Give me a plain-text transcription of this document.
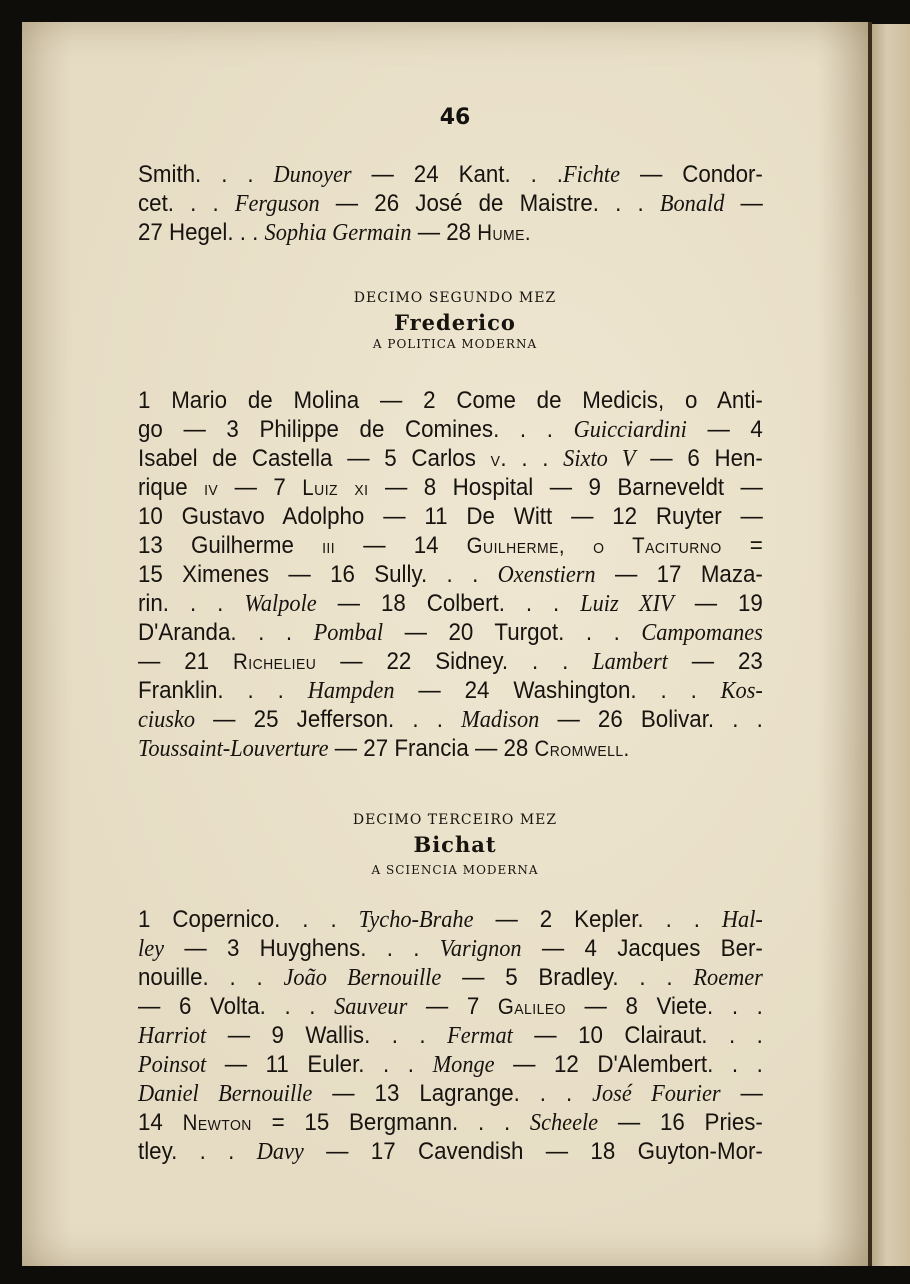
46
Smith. . . Dunoyer — 24 Kant. . .Fichte — Condor-
cet. . . Ferguson — 26 José de Maistre. . . Bonald —
27 Hegel. . . Sophia Germain — 28 Hume.
DECIMO SEGUNDO MEZ
Frederico
A POLITICA MODERNA
1 Mario de Molina — 2 Come de Medicis, o Anti-
go — 3 Philippe de Comines. . . Guicciardini — 4
Isabel de Castella — 5 Carlos v. . . Sixto V — 6 Hen-
rique iv — 7 Luiz xi — 8 Hospital — 9 Barneveldt —
10 Gustavo Adolpho — 11 De Witt — 12 Ruyter —
13 Guilherme iii — 14 Guilherme, o Taciturno =
15 Ximenes — 16 Sully. . . Oxenstiern — 17 Maza-
rin. . . Walpole — 18 Colbert. . . Luiz XIV — 19
D'Aranda. . . Pombal — 20 Turgot. . . Campomanes
— 21 Richelieu — 22 Sidney. . . Lambert — 23
Franklin. . . Hampden — 24 Washington. . . Kos-
ciusko — 25 Jefferson. . . Madison — 26 Bolivar. . .
Toussaint-Louverture — 27 Francia — 28 Cromwell.
DECIMO TERCEIRO MEZ
Bichat
A SCIENCIA MODERNA
1 Copernico. . . Tycho-Brahe — 2 Kepler. . . Hal-
ley — 3 Huyghens. . . Varignon — 4 Jacques Ber-
nouille. . . João Bernouille — 5 Bradley. . . Roemer
— 6 Volta. . . Sauveur — 7 Galileo — 8 Viete. . .
Harriot — 9 Wallis. . . Fermat — 10 Clairaut. . .
Poinsot — 11 Euler. . . Monge — 12 D'Alembert. . .
Daniel Bernouille — 13 Lagrange. . . José Fourier —
14 Newton = 15 Bergmann. . . Scheele — 16 Pries-
tley. . . Davy — 17 Cavendish — 18 Guyton-Mor-
